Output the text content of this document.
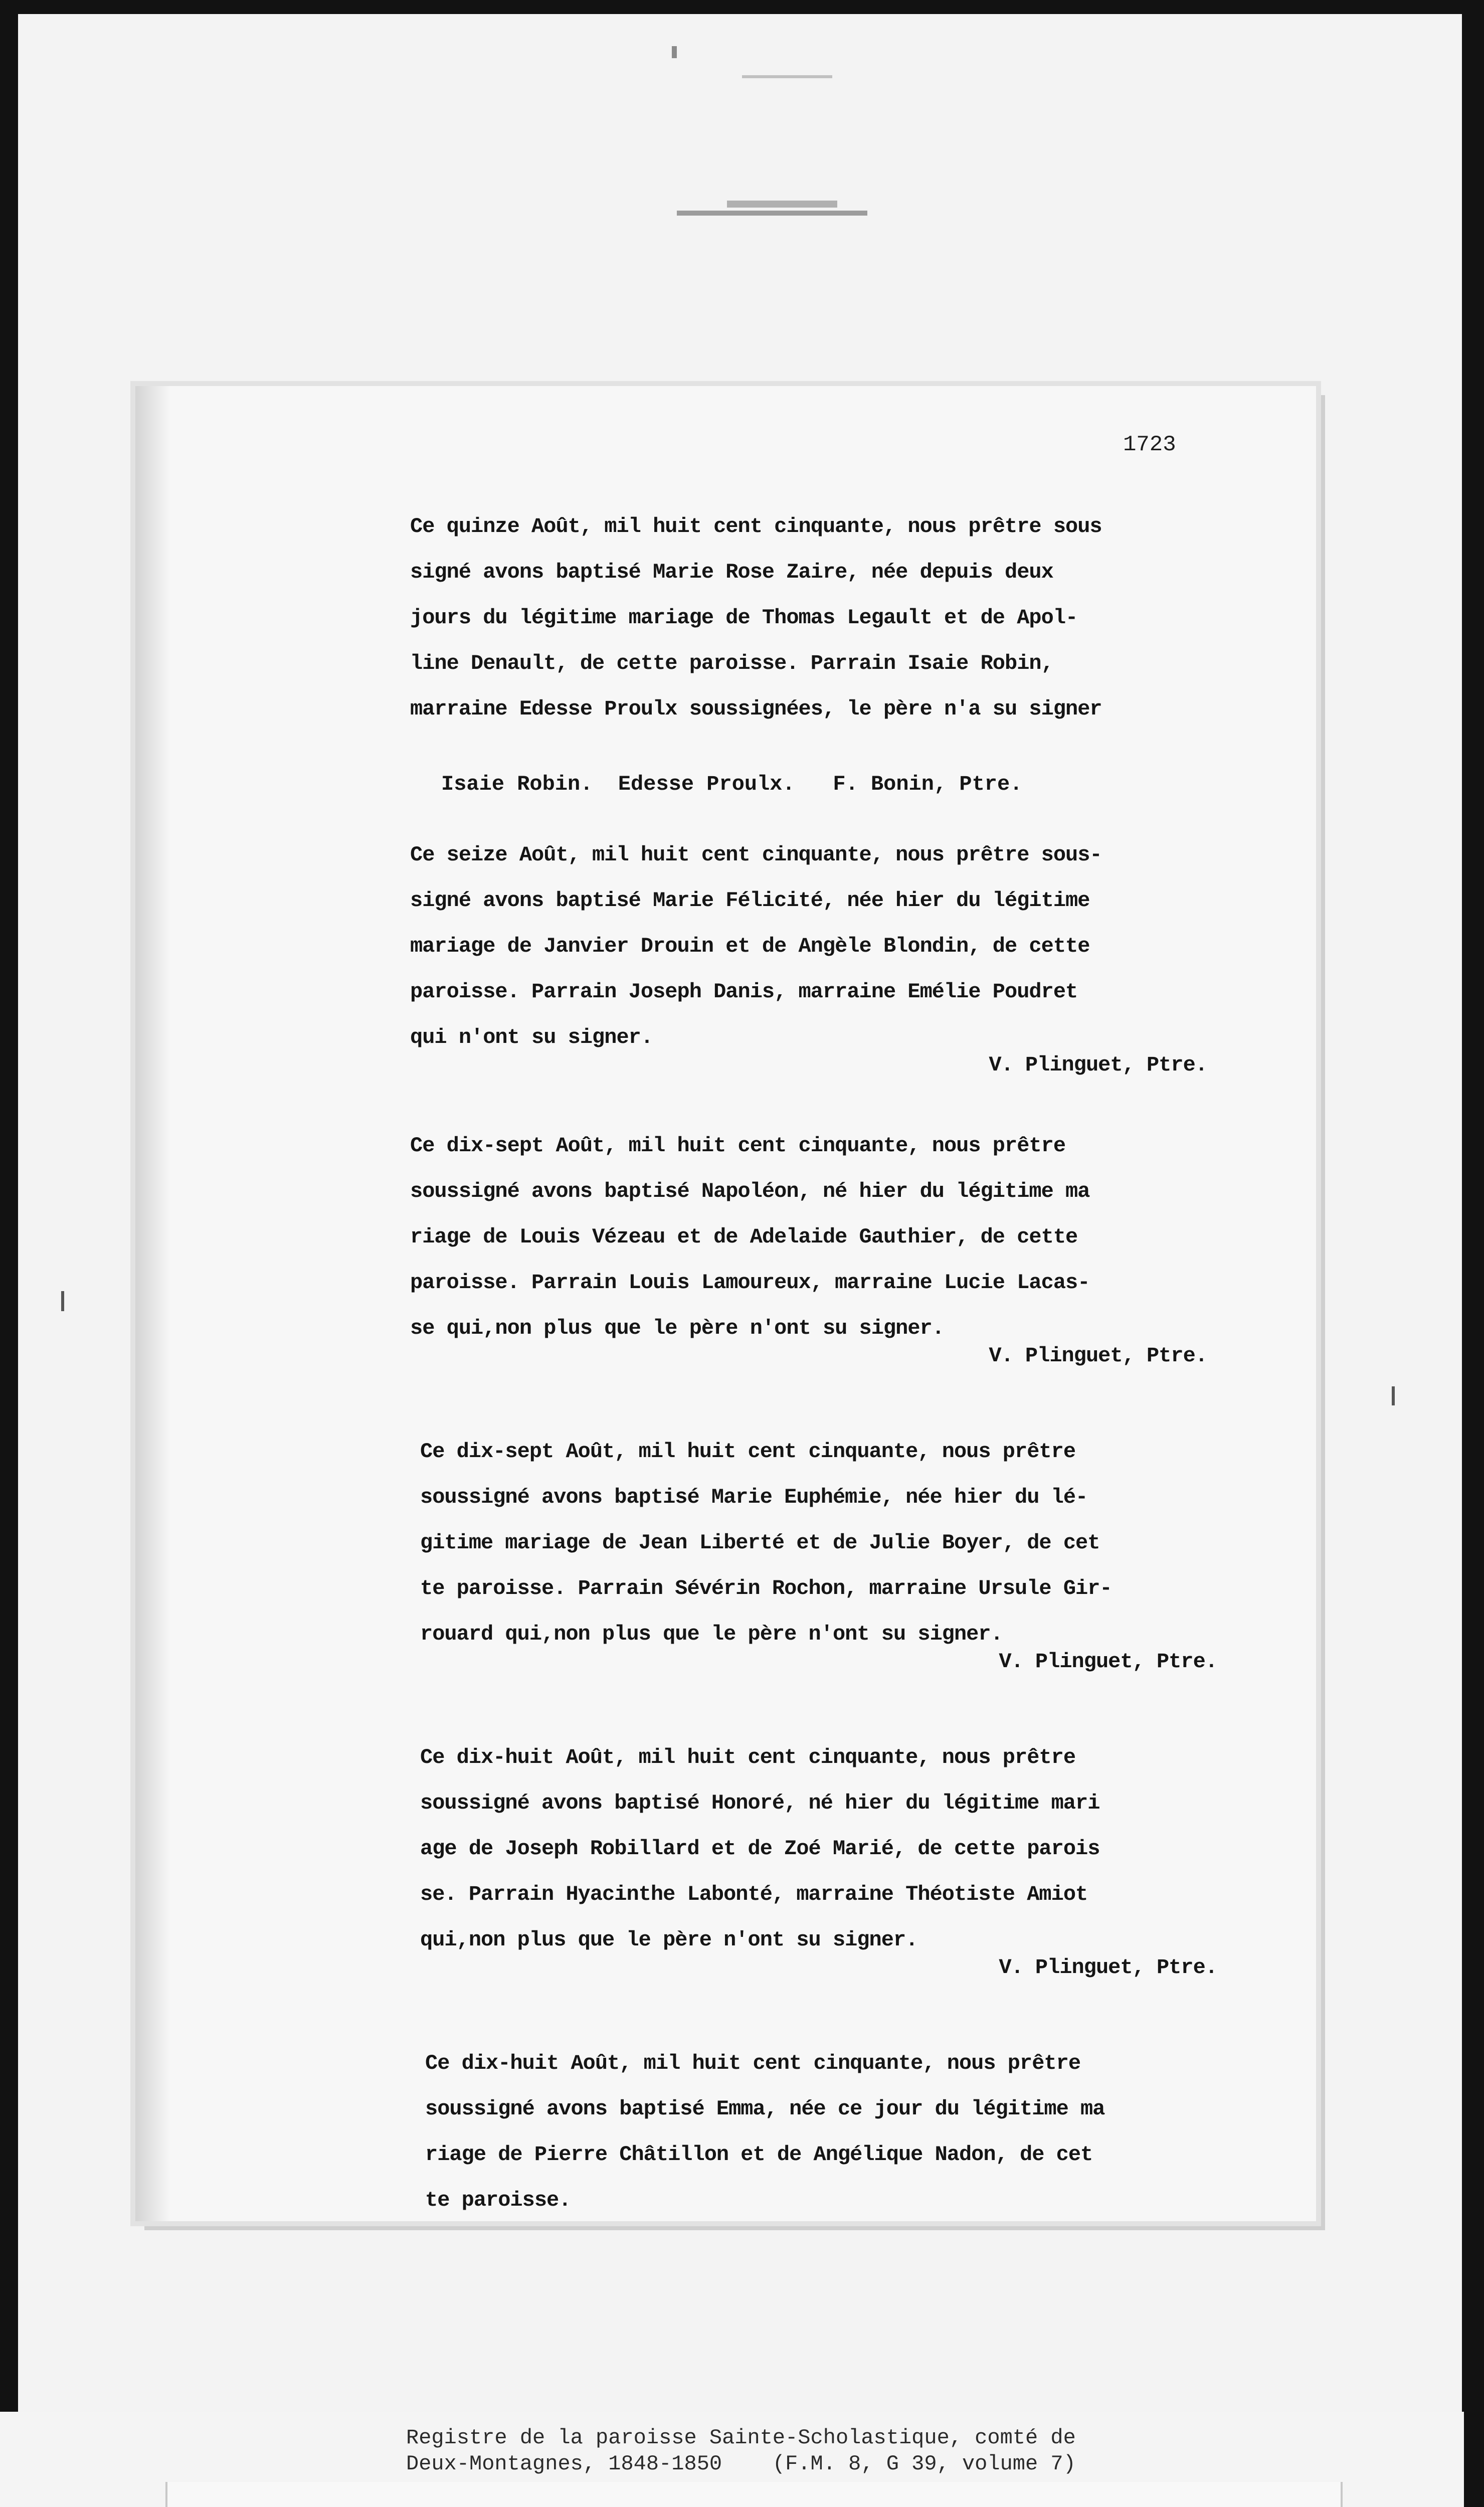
1723
Ce quinze Août, mil huit cent cinquante, nous prêtre sous
signé avons baptisé Marie Rose Zaire, née depuis deux
jours du légitime mariage de Thomas Legault et de Apol-
line Denault, de cette paroisse. Parrain Isaie Robin,
marraine Edesse Proulx soussignées, le père n'a su signer
Isaie Robin.  Edesse Proulx.   F. Bonin, Ptre.
Ce seize Août, mil huit cent cinquante, nous prêtre sous-
signé avons baptisé Marie Félicité, née hier du légitime
mariage de Janvier Drouin et de Angèle Blondin, de cette
paroisse. Parrain Joseph Danis, marraine Emélie Poudret
qui n'ont su signer.
V. Plinguet, Ptre.
Ce dix-sept Août, mil huit cent cinquante, nous prêtre
soussigné avons baptisé Napoléon, né hier du légitime ma
riage de Louis Vézeau et de Adelaide Gauthier, de cette
paroisse. Parrain Louis Lamoureux, marraine Lucie Lacas-
se qui,non plus que le père n'ont su signer.
V. Plinguet, Ptre.
Ce dix-sept Août, mil huit cent cinquante, nous prêtre
soussigné avons baptisé Marie Euphémie, née hier du lé-
gitime mariage de Jean Liberté et de Julie Boyer, de cet
te paroisse. Parrain Sévérin Rochon, marraine Ursule Gir-
rouard qui,non plus que le père n'ont su signer.
V. Plinguet, Ptre.
Ce dix-huit Août, mil huit cent cinquante, nous prêtre
soussigné avons baptisé Honoré, né hier du légitime mari
age de Joseph Robillard et de Zoé Marié, de cette parois
se. Parrain Hyacinthe Labonté, marraine Théotiste Amiot
qui,non plus que le père n'ont su signer.
V. Plinguet, Ptre.
Ce dix-huit Août, mil huit cent cinquante, nous prêtre
soussigné avons baptisé Emma, née ce jour du légitime ma
riage de Pierre Châtillon et de Angélique Nadon, de cet
te paroisse.
Registre de la paroisse Sainte-Scholastique, comté de
Deux-Montagnes, 1848-1850    (F.M. 8, G 39, volume 7)
